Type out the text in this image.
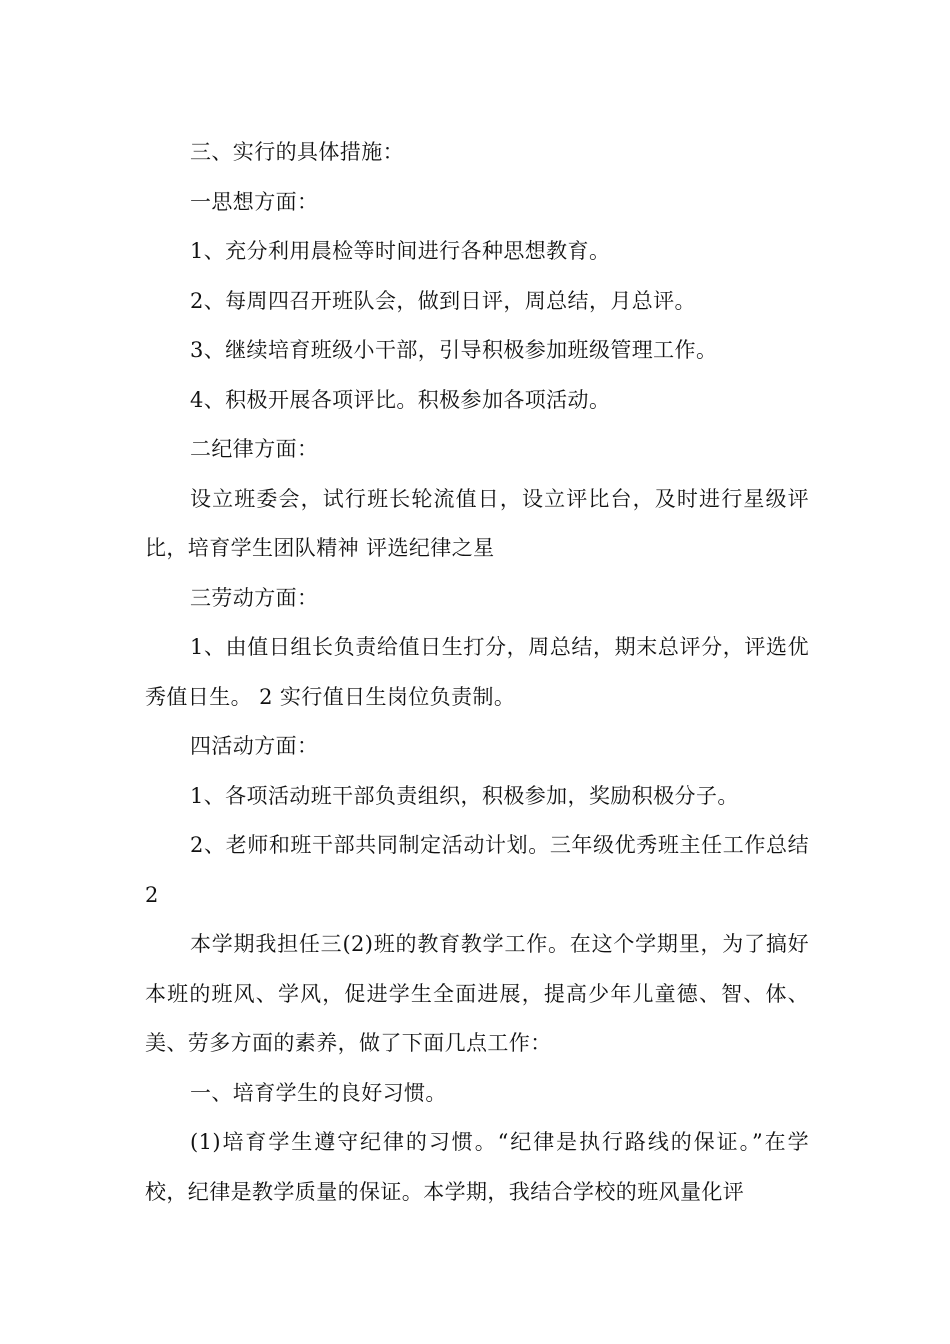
三、实行的具体措施：

一思想方面：

1、充分利用晨检等时间进行各种思想教育。

2、每周四召开班队会，做到日评，周总结，月总评。

3、继续培育班级小干部，引导积极参加班级管理工作。

4、积极开展各项评比。积极参加各项活动。

二纪律方面：

设立班委会，试行班长轮流值日，设立评比台，及时进行星级评比，培育学生团队精神 评选纪律之星

三劳动方面：

1、由值日组长负责给值日生打分，周总结，期末总评分，评选优秀值日生。 2 实行值日生岗位负责制。

四活动方面：

1、各项活动班干部负责组织，积极参加，奖励积极分子。

2、老师和班干部共同制定活动计划。三年级优秀班主任工作总结2

本学期我担任三(2)班的教育教学工作。在这个学期里，为了搞好本班的班风、学风，促进学生全面进展，提高少年儿童德、智、体、美、劳多方面的素养，做了下面几点工作：

一、培育学生的良好习惯。

(1)培育学生遵守纪律的习惯。“纪律是执行路线的保证。”在学校，纪律是教学质量的保证。本学期，我结合学校的班风量化评
